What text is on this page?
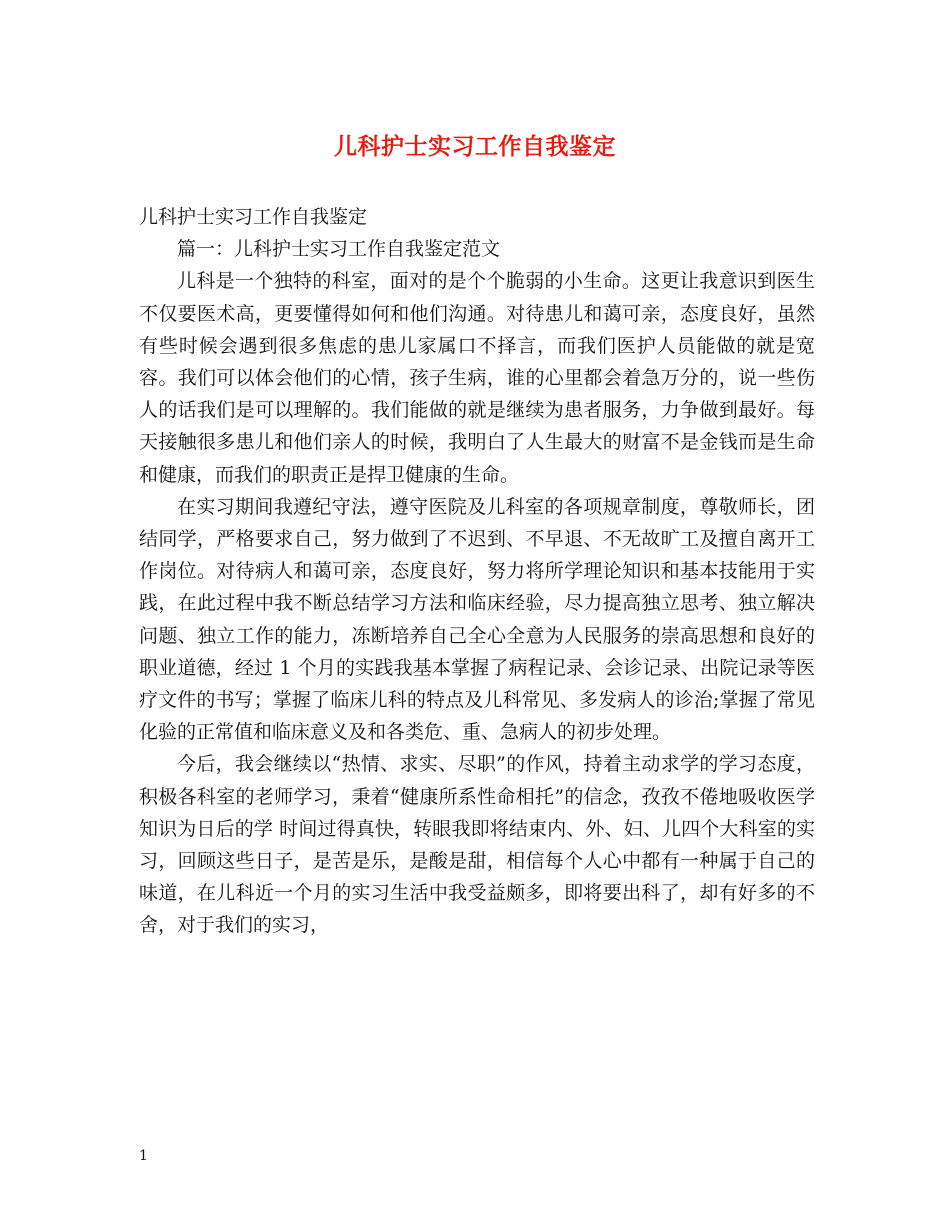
儿科护士实习工作自我鉴定

儿科护士实习工作自我鉴定

篇一：儿科护士实习工作自我鉴定范文

儿科是一个独特的科室，面对的是个个脆弱的小生命。这更让我意识到医生不仅要医术高，更要懂得如何和他们沟通。对待患儿和蔼可亲，态度良好，虽然有些时候会遇到很多焦虑的患儿家属口不择言，而我们医护人员能做的就是宽容。我们可以体会他们的心情，孩子生病，谁的心里都会着急万分的，说一些伤人的话我们是可以理解的。我们能做的就是继续为患者服务，力争做到最好。每天接触很多患儿和他们亲人的时候，我明白了人生最大的财富不是金钱而是生命和健康，而我们的职责正是捍卫健康的生命。

在实习期间我遵纪守法，遵守医院及儿科室的各项规章制度，尊敬师长，团结同学，严格要求自己，努力做到了不迟到、不早退、不无故旷工及擅自离开工作岗位。对待病人和蔼可亲，态度良好，努力将所学理论知识和基本技能用于实践，在此过程中我不断总结学习方法和临床经验，尽力提高独立思考、独立解决问题、独立工作的能力，冻断培养自己全心全意为人民服务的崇高思想和良好的职业道德，经过 1 个月的实践我基本掌握了病程记录、会诊记录、出院记录等医疗文件的书写；掌握了临床儿科的特点及儿科常见、多发病人的诊治;掌握了常见化验的正常值和临床意义及和各类危、重、急病人的初步处理。

今后，我会继续以“热情、求实、尽职”的作风，持着主动求学的学习态度，积极各科室的老师学习，秉着“健康所系性命相托”的信念，孜孜不倦地吸收医学知识为日后的学 时间过得真快，转眼我即将结束内、外、妇、儿四个大科室的实习，回顾这些日子，是苦是乐，是酸是甜，相信每个人心中都有一种属于自己的味道，在儿科近一个月的实习生活中我受益颇多，即将要出科了，却有好多的不舍，对于我们的实习，

1
